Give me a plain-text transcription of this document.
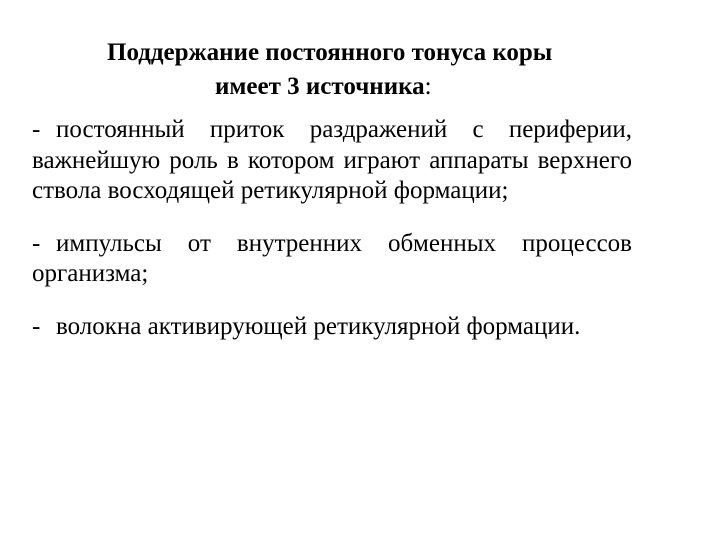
Поддержание постоянного тонуса коры
имеет 3 источника:

- постоянный приток раздражений с периферии, важнейшую роль в котором играют аппараты верхнего ствола восходящей ретикулярной формации;

- импульсы от внутренних обменных процессов организма;

- волокна активирующей ретикулярной формации.
